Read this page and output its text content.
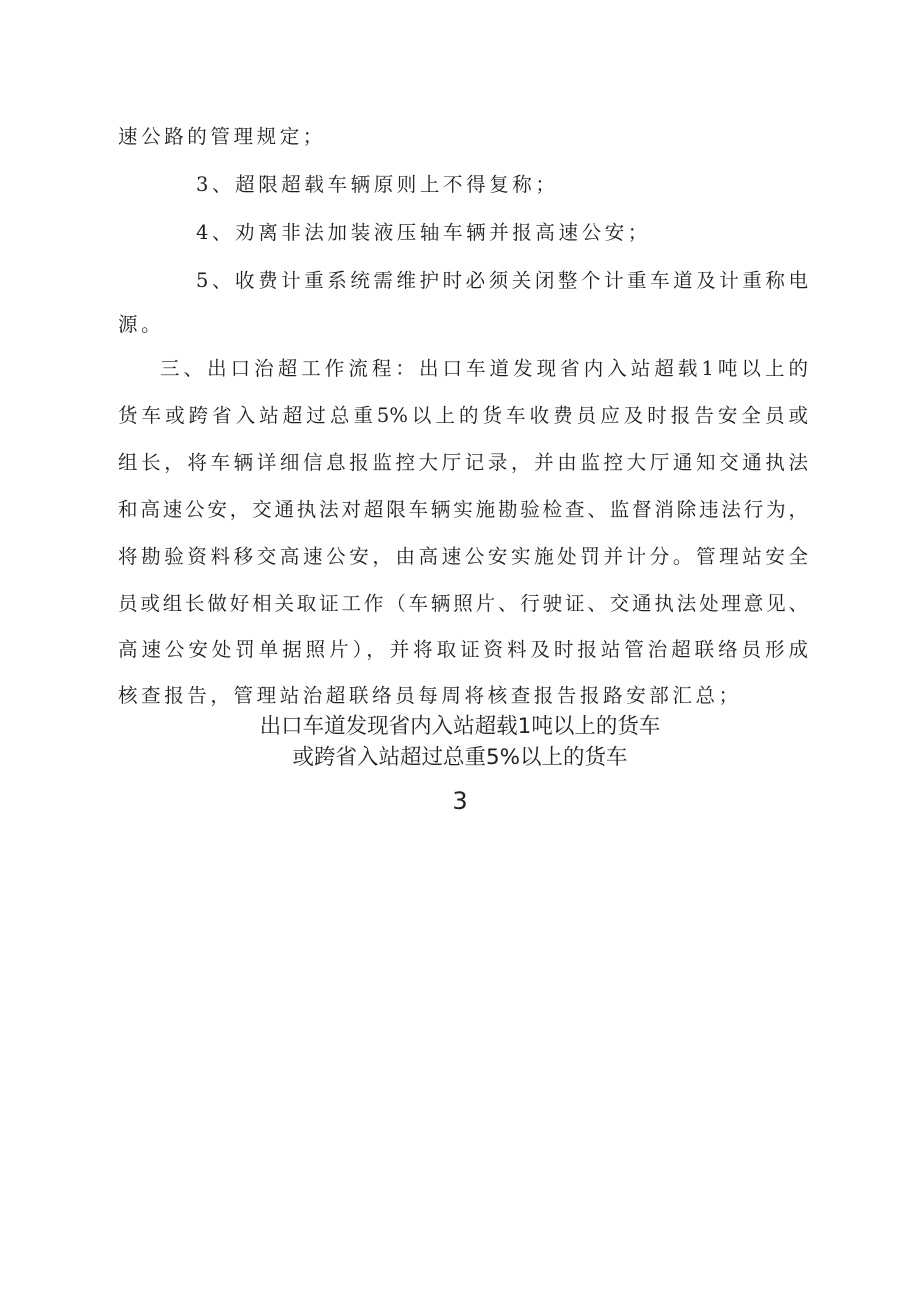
速公路的管理规定；
3、超限超载车辆原则上不得复称；
4、劝离非法加装液压轴车辆并报高速公安；
5、收费计重系统需维护时必须关闭整个计重车道及计重称电
源。
三、出口治超工作流程：出口车道发现省内入站超载1吨以上的
货车或跨省入站超过总重5%以上的货车收费员应及时报告安全员或
组长，将车辆详细信息报监控大厅记录，并由监控大厅通知交通执法
和高速公安，交通执法对超限车辆实施勘验检查、监督消除违法行为，
将勘验资料移交高速公安，由高速公安实施处罚并计分。管理站安全
员或组长做好相关取证工作（车辆照片、行驶证、交通执法处理意见、
高速公安处罚单据照片），并将取证资料及时报站管治超联络员形成
核查报告，管理站治超联络员每周将核查报告报路安部汇总；
出口车道发现省内入站超载1吨以上的货车
或跨省入站超过总重5%以上的货车
3
